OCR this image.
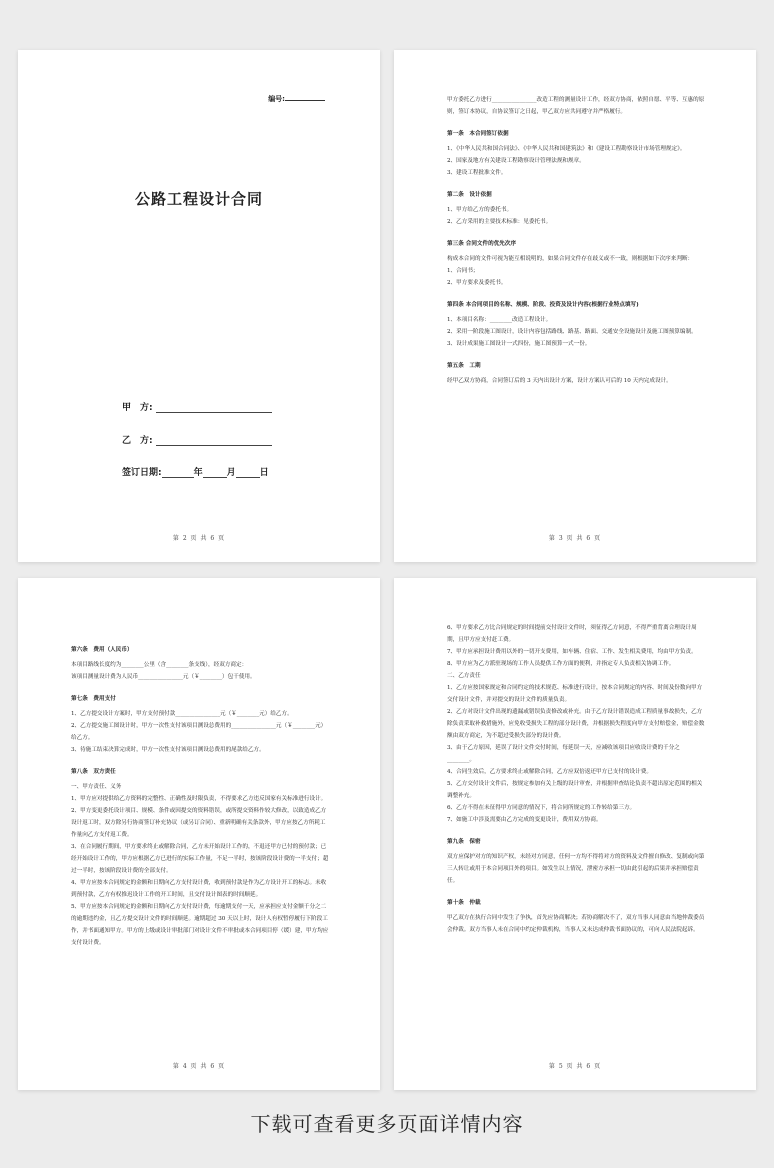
编号:
公路工程设计合同
甲　方:
乙　方:
签订日期:	年	月	日
第 2 页 共 6 页

甲方委托乙方进行________________改造工程的测量设计工作，经双方协商，依照自愿、平等、互惠的原则，签订本协议，自协议签订之日起，甲乙双方应共同遵守并严格履行。

第一条　本合同签订依据

1、《中华人民共和国合同法》、《中华人民共和国建筑法》和《建设工程勘察设计市场管理规定》。

2、国家及地方有关建设工程勘察设计管理法规和规章。

3、建设工程批准文件。

第二条　设计依据

1、甲方给乙方的委托书。

2、乙方采用的主要技术标准：见委托书。

第三条 合同文件的优先次序

构成本合同的文件可视为能互相说明的，如果合同文件存在歧义或不一致，则根据如下次序来判断：

1、合同书；

2、甲方要求及委托书。

第四条 本合同项目的名称、规模、阶段、投资及设计内容(根据行业特点填写)

1、本项目名称：________改造工程设计。

2、采用一阶段施工图设计，设计内容包括路线、路基、路面、交通安全设施设计及施工图预算编制。

3、设计成果施工图设计一式四份，施工图预算一式一份。

第五条　工期

经甲乙双方协商，合同签订后的 3 天内出设计方案，设计方案认可后的 10 天内完成设计。

第 3 页 共 6 页

第六条　费用（人民币）

本项目路线长度约为________公里（含________条支线），经双方商定：

该项目测量设计费为人民币________________元（￥________）包干使用。

第七条　费用支付

1、乙方提交设计方案时，甲方支付预付款________________元（￥________元）给乙方。

2、乙方提交施工图设计时，甲方一次性支付该项目测设总费用的________________元（￥________元）给乙方。

3、待施工结束决算完成时，甲方一次性支付该项目测设总费用的尾款给乙方。

第八条　双方责任

一、甲方责任、义务

1、甲方应对提供给乙方资料的完整性、正确性及时限负责，不得要求乙方违反国家有关标准进行设计。

2、甲方变更委托设计项目、规模、条件或因提交的资料错误，或所提交资料作较大修改，以致造成乙方设计返工时，双方除另行协商签订补充协议（或另订合同）、重新明确有关条款外，甲方应按乙方所耗工作量向乙方支付返工费。

3、在合同履行期间，甲方要求终止或解除合同，乙方未开始设计工作的，不退还甲方已付的预付款；已经开始设计工作的，甲方应根据乙方已进行的实际工作量，不足一半时，按该阶段设计费的一半支付；超过一半时，按该阶段设计费的全部支付。

4、甲方应按本合同规定的金额和日期向乙方支付设计费，收到预付款是作为乙方设计开工的标志。未收到预付款，乙方有权推迟设计工作的开工时间，且交付设计图表的时间顺延。

5、甲方应按本合同规定的金额和日期向乙方支付设计费，每逾期支付一天，应承担应支付金额千分之二的逾期违约金，且乙方提交设计文件的时间顺延。逾期超过 30 天以上时，设计人有权暂停履行下阶段工作，并书面通知甲方。甲方的上级或设计审批部门对设计文件不审批或本合同项目停（缓）建，甲方均应支付设计费。

第 4 页 共 6 页

6、甲方要求乙方比合同规定的时间提前交付设计文件时，须征得乙方同意，不得严重背离合理设计周期，且甲方应支付赶工费。

7、甲方应承担设计费用以外的一切开支费用，如车辆、住宿、工作、发生相关费用，均由甲方负责。

8、甲方应为乙方派驻现场的工作人员提供工作方面的便利，并指定专人负责相关协调工作。

二、乙方责任

1、乙方应按国家规定和合同约定的技术规范、标准进行设计，按本合同规定的内容、时间及份数向甲方交付设计文件，并对提交的设计文件的质量负责。

2、乙方对设计文件出现的遗漏或错误负责修改或补充。由于乙方设计错误造成工程质量事故损失，乙方除负责采取补救措施外，应免收受损失工程的部分设计费，并根据损失程度向甲方支付赔偿金，赔偿金数额由双方商定，为不超过受损失部分的设计费。

3、由于乙方原因，延误了设计文件交付时间，每延误一天，应减收该项目应收设计费的千分之________。

4、合同生效后，乙方要求终止或解除合同，乙方应双倍返还甲方已支付的设计费。

5、乙方交付设计文件后，按规定参加有关上级的设计审查，并根据审查结论负责不超出原定范围的相关调整补充。

6、乙方不得在未征得甲方同意的情况下，将合同所规定的工作转给第三方。

7、如施工中涉及需要由乙方完成的变更设计，费用双方协商。

第九条　保密

双方应保护对方的知识产权，未经对方同意，任何一方均不得将对方的资料及文件擅自修改、复制或向第三人转让或用于本合同项目外的项目。如发生以上情况，泄密方承担一切由此引起的后果并承担赔偿责任。

第十条　仲裁

甲乙双方在执行合同中发生了争执，首先应协商解决；若协商解决不了，双方当事人同意由当地仲裁委员会仲裁。双方当事人未在合同中约定仲裁机构，当事人又未达成仲裁书面协议的，可向人民法院起诉。

第 5 页 共 6 页
下载可查看更多页面详情内容
